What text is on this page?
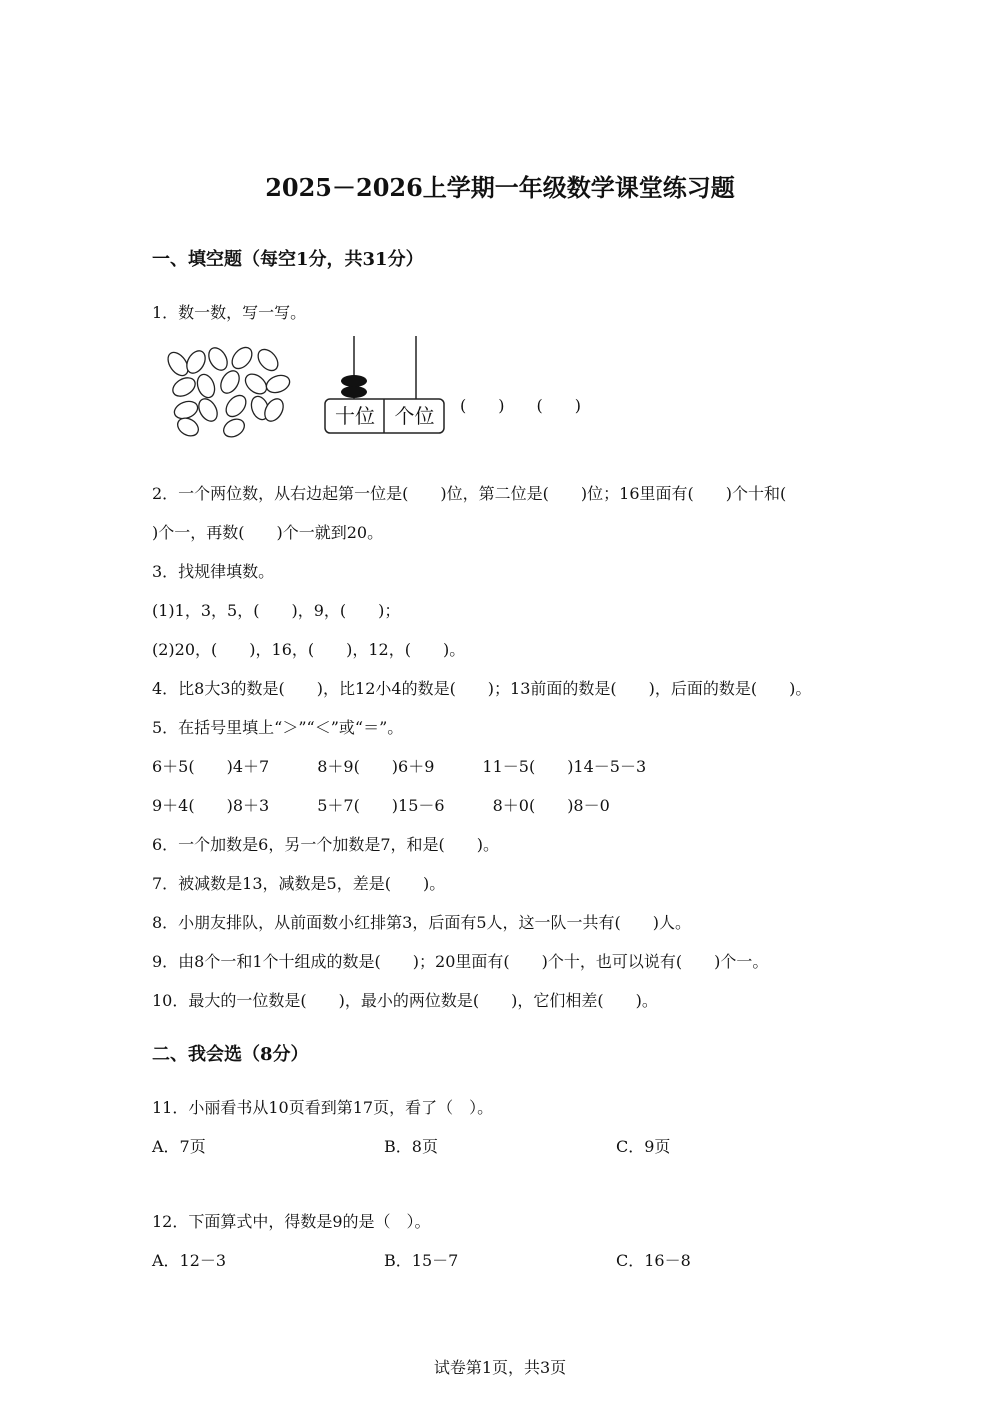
2025－2026上学期一年级数学课堂练习题
一、填空题（每空1分，共31分）
1．数一数，写一写。
十位 个位	(　　)　　(　　)
2．一个两位数，从右边起第一位是(　　)位，第二位是(　　)位；16里面有(　　)个十和(
)个一，再数(　　)个一就到20。
3．找规律填数。
(1)1，3，5，(　　)，9，(　　)；
(2)20，(　　)，16，(　　)，12，(　　)。
4．比8大3的数是(　　)，比12小4的数是(　　)；13前面的数是(　　)，后面的数是(　　)。
5．在括号里填上“＞”“＜”或“＝”。
6＋5(　　)4＋7　　　8＋9(　　)6＋9　　　11－5(　　)14－5－3
9＋4(　　)8＋3　　　5＋7(　　)15－6　　　8＋0(　　)8－0
6．一个加数是6，另一个加数是7，和是(　　)。
7．被减数是13，减数是5，差是(　　)。
8．小朋友排队，从前面数小红排第3，后面有5人，这一队一共有(　　)人。
9．由8个一和1个十组成的数是(　　)；20里面有(　　)个十，也可以说有(　　)个一。
10．最大的一位数是(　　)，最小的两位数是(　　)，它们相差(　　)。
二、我会选（8分）
11．小丽看书从10页看到第17页，看了（　）。
A．7页	B．8页	C．9页
12．下面算式中，得数是9的是（　）。
A．12－3	B．15－7	C．16－8
试卷第1页，共3页
